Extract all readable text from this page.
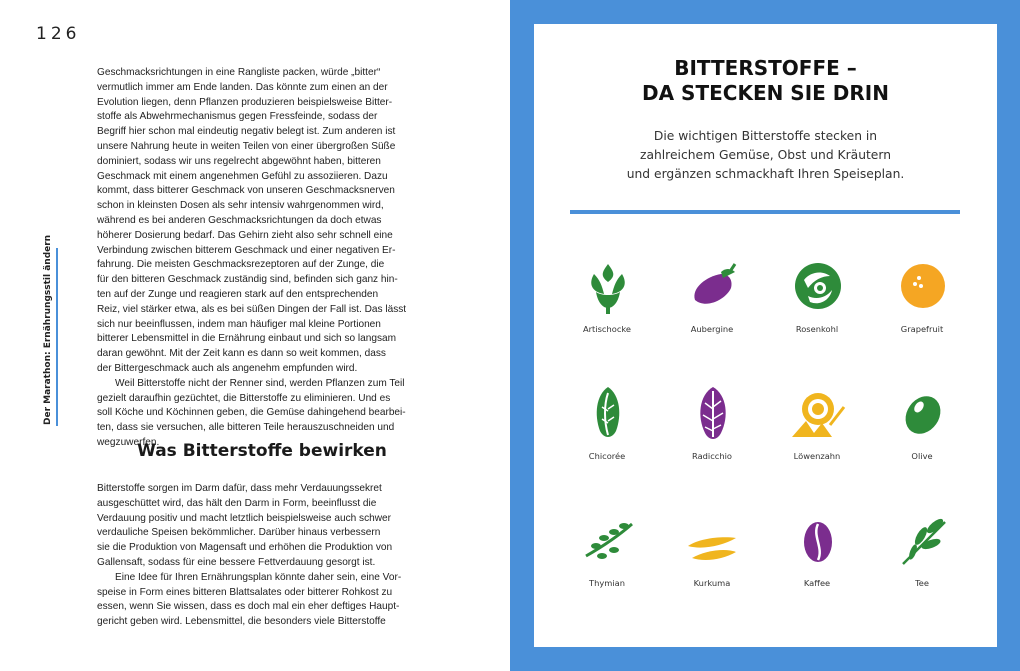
126
Der Marathon: Ernährungsstil ändern
Geschmacksrichtungen in eine Rangliste packen, würde „bitter“
vermutlich immer am Ende landen. Das könnte zum einen an der
Evolution liegen, denn Pflanzen produzieren beispielsweise Bitter-
stoffe als Abwehrmechanismus gegen Fressfeinde, sodass der
Begriff hier schon mal eindeutig negativ belegt ist. Zum anderen ist
unsere Nahrung heute in weiten Teilen von einer übergroßen Süße
dominiert, sodass wir uns regelrecht abgewöhnt haben, bitteren
Geschmack mit einem angenehmen Gefühl zu assoziieren. Dazu
kommt, dass bitterer Geschmack von unseren Geschmacksnerven
schon in kleinsten Dosen als sehr intensiv wahrgenommen wird,
während es bei anderen Geschmacksrichtungen da doch etwas
höherer Dosierung bedarf. Das Gehirn zieht also sehr schnell eine
Verbindung zwischen bitterem Geschmack und einer negativen Er-
fahrung. Die meisten Geschmacksrezeptoren auf der Zunge, die
für den bitteren Geschmack zuständig sind, befinden sich ganz hin-
ten auf der Zunge und reagieren stark auf den entsprechenden
Reiz, viel stärker etwa, als es bei süßen Dingen der Fall ist. Das lässt
sich nur beeinflussen, indem man häufiger mal kleine Portionen
bitterer Lebensmittel in die Ernährung einbaut und sich so langsam
daran gewöhnt. Mit der Zeit kann es dann so weit kommen, dass
der Bittergeschmack auch als angenehm empfunden wird.
Weil Bitterstoffe nicht der Renner sind, werden Pflanzen zum Teil
gezielt daraufhin gezüchtet, die Bitterstoffe zu eliminieren. Und es
soll Köche und Köchinnen geben, die Gemüse dahingehend bearbei-
ten, dass sie versuchen, alle bitteren Teile herauszuschneiden und
wegzuwerfen.
Was Bitterstoffe bewirken
Bitterstoffe sorgen im Darm dafür, dass mehr Verdauungssekret
ausgeschüttet wird, das hält den Darm in Form, beeinflusst die
Verdauung positiv und macht letztlich beispielsweise auch schwer
verdauliche Speisen bekömmlicher. Darüber hinaus verbessern
sie die Produktion von Magensaft und erhöhen die Produktion von
Gallensaft, sodass für eine bessere Fettverdauung gesorgt ist.
Eine Idee für Ihren Ernährungsplan könnte daher sein, eine Vor-
speise in Form eines bitteren Blattsalates oder bitterer Rohkost zu
essen, wenn Sie wissen, dass es doch mal ein eher deftiges Haupt-
gericht geben wird. Lebensmittel, die besonders viele Bitterstoffe
BITTERSTOFFE –
DA STECKEN SIE DRIN
Die wichtigen Bitterstoffe stecken in
zahlreichem Gemüse, Obst und Kräutern
und ergänzen schmackhaft Ihren Speiseplan.
Artischocke	Aubergine	Rosenkohl	Grapefruit
Chicorée	Radicchio	Löwenzahn	Olive
Thymian	Kurkuma	Kaffee	Tee
